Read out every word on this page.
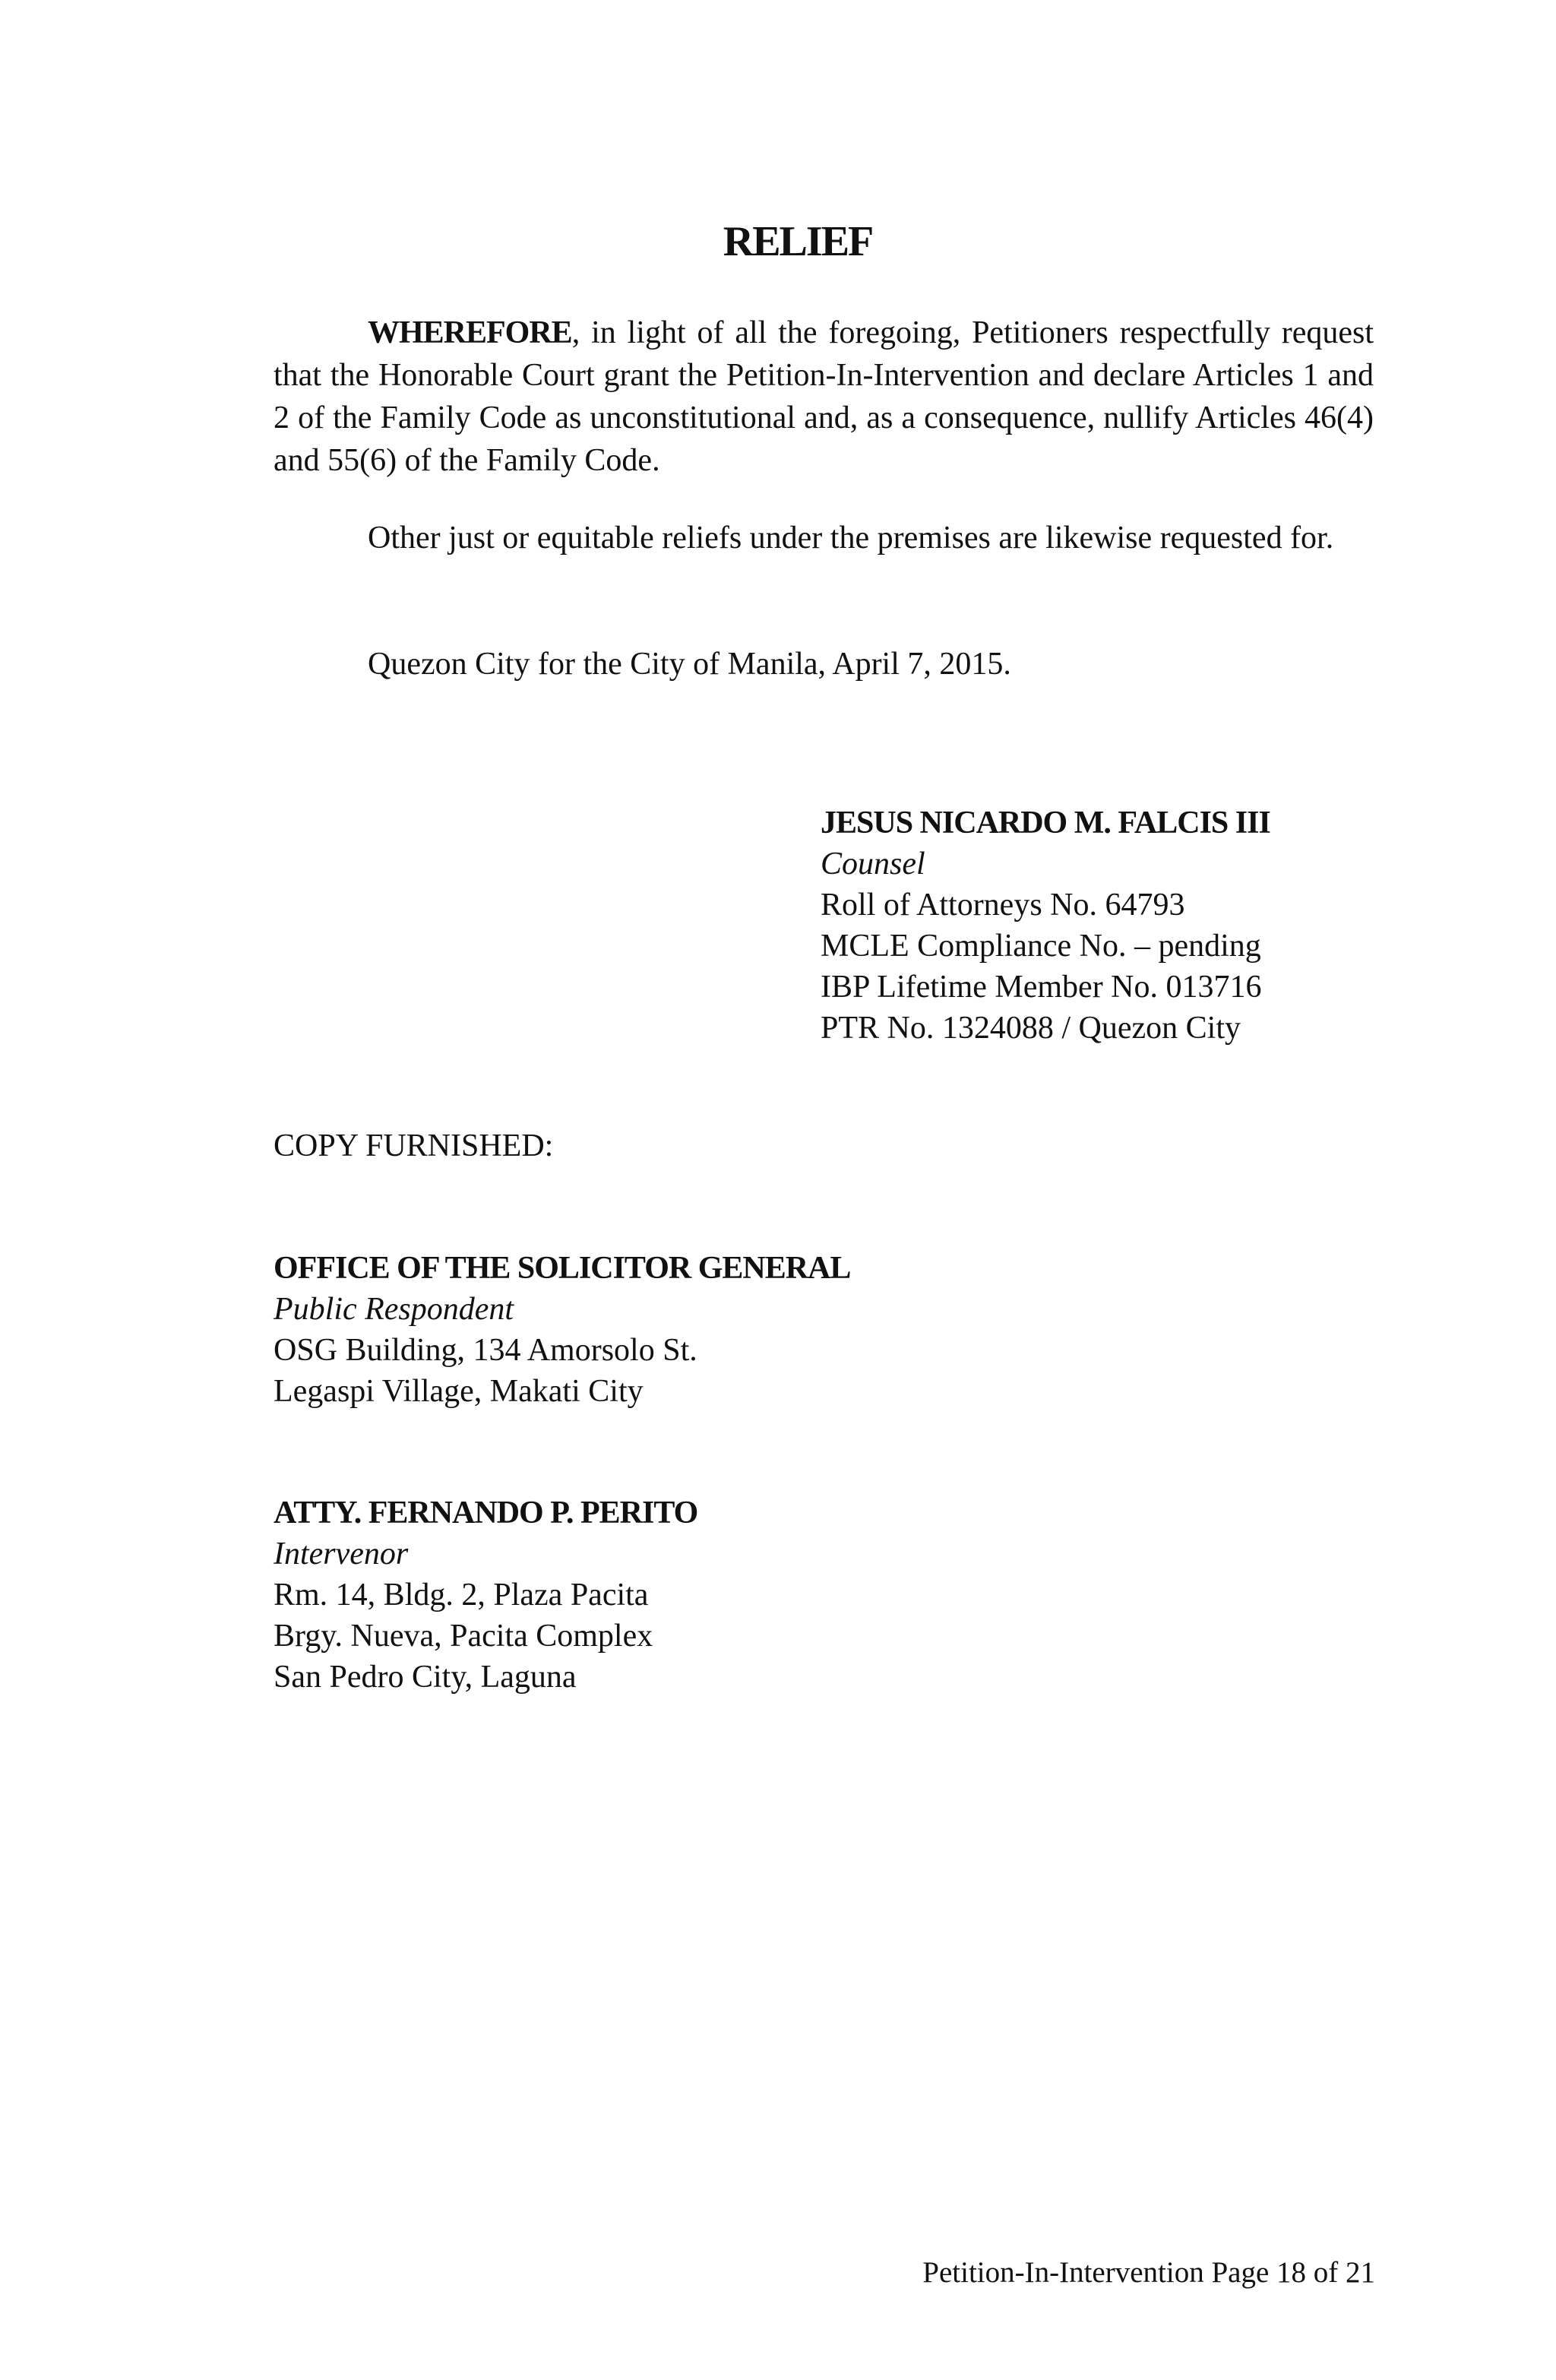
RELIEF

WHEREFORE, in light of all the foregoing, Petitioners respectfully request that the Honorable Court grant the Petition-In-Intervention and declare Articles 1 and 2 of the Family Code as unconstitutional and, as a consequence, nullify Articles 46(4) and 55(6) of the Family Code.

Other just or equitable reliefs under the premises are likewise requested for.

Quezon City for the City of Manila, April 7, 2015.
JESUS NICARDO M. FALCIS III
Counsel
Roll of Attorneys No. 64793
MCLE Compliance No. – pending
IBP Lifetime Member No. 013716
PTR No. 1324088 / Quezon City
COPY FURNISHED:
OFFICE OF THE SOLICITOR GENERAL
Public Respondent
OSG Building, 134 Amorsolo St.
Legaspi Village, Makati City
ATTY. FERNANDO P. PERITO
Intervenor
Rm. 14, Bldg. 2, Plaza Pacita
Brgy. Nueva, Pacita Complex
San Pedro City, Laguna
Petition-In-Intervention Page 18 of 21
